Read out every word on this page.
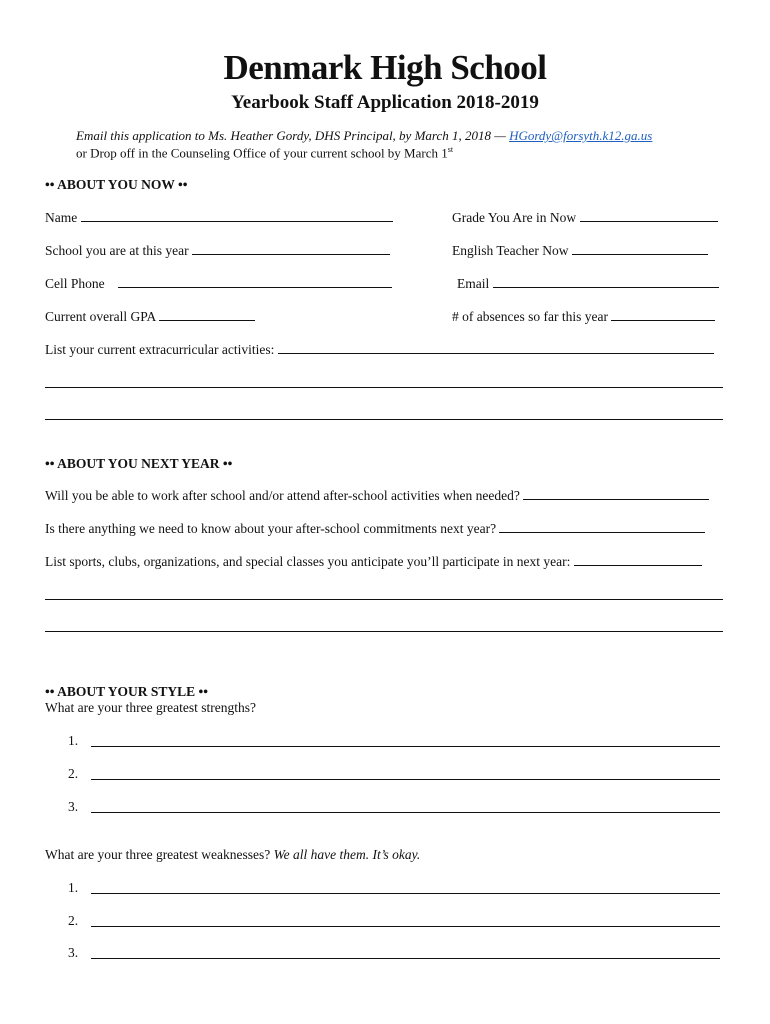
Denmark High School
Yearbook Staff Application 2018-2019
Email this application to Ms. Heather Gordy, DHS Principal, by March 1, 2018 — HGordy@forsyth.k12.ga.us
or Drop off in the Counseling Office of your current school by March 1st
•• ABOUT YOU NOW ••
Name	Grade You Are in Now
School you are at this year	English Teacher Now
Cell Phone	Email
Current overall GPA	# of absences so far this year
List your current extracurricular activities:
•• ABOUT YOU NEXT YEAR ••
Will you be able to work after school and/or attend after-school activities when needed?
Is there anything we need to know about your after-school commitments next year?
List sports, clubs, organizations, and special classes you anticipate you’ll participate in next year:
•• ABOUT YOUR STYLE ••
What are your three greatest strengths?
1.
2.
3.
What are your three greatest weaknesses? We all have them. It’s okay.
1.
2.
3.
